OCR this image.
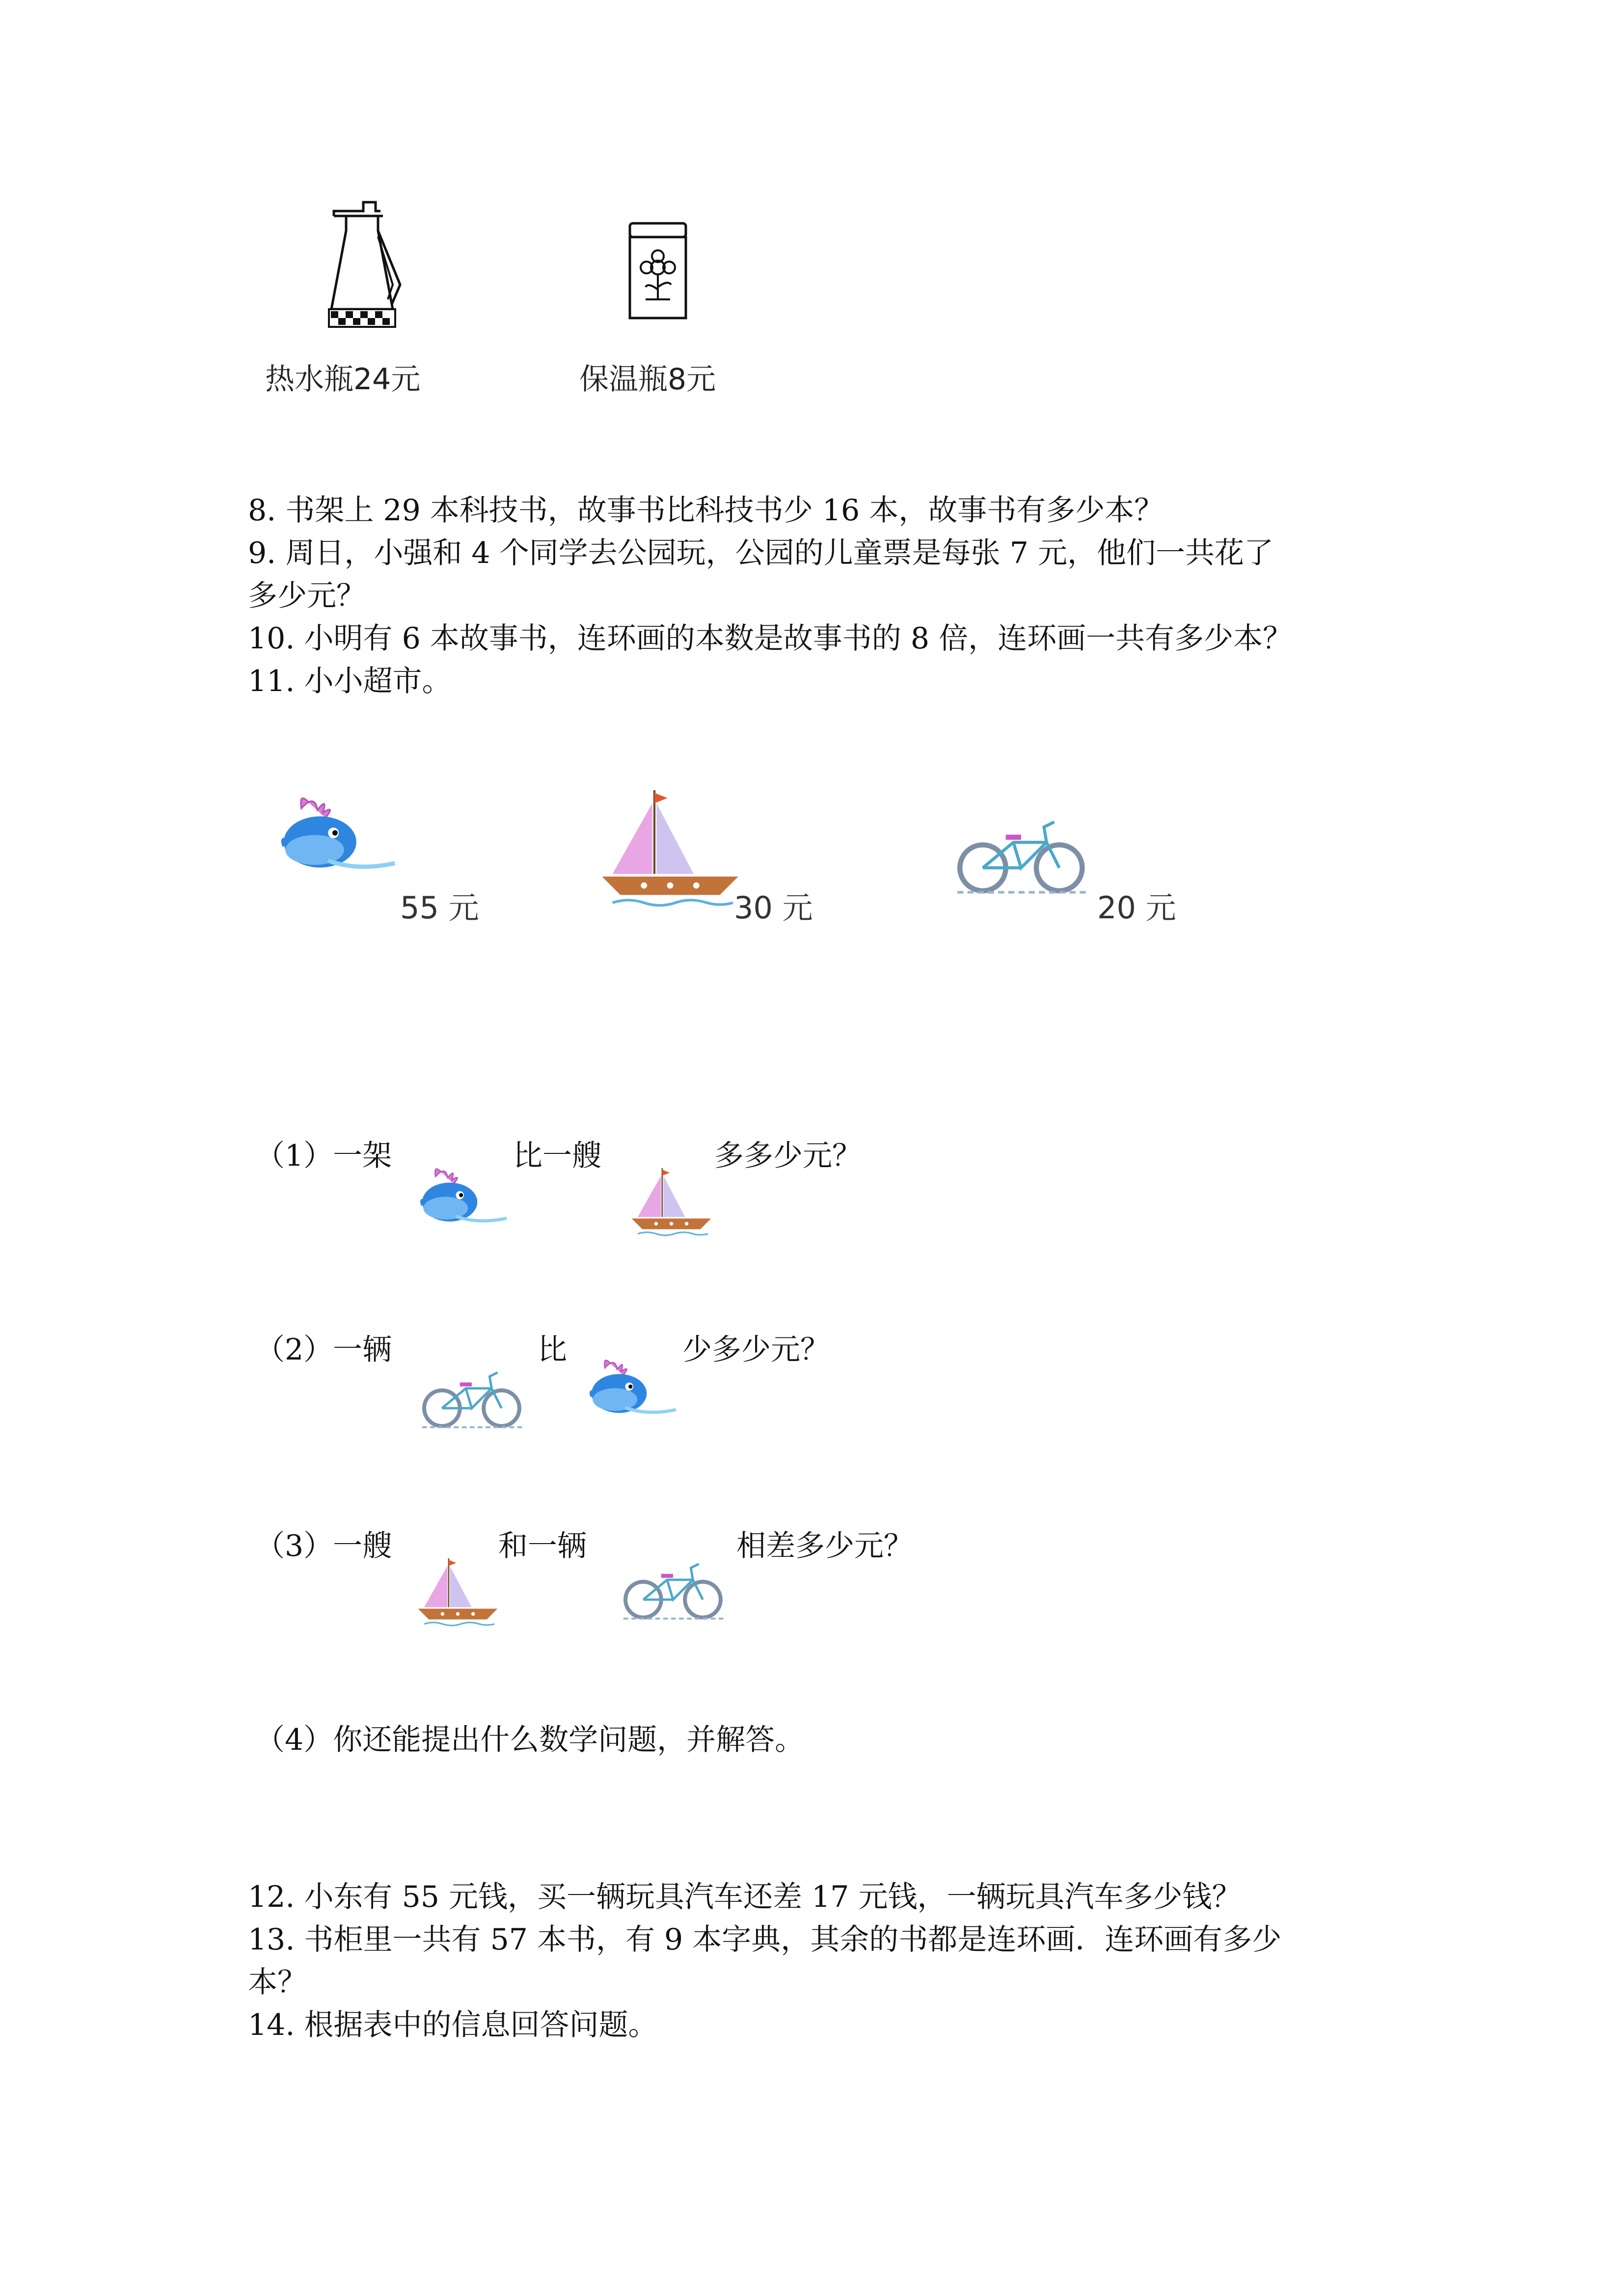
热水瓶24元	保温瓶8元
8. 书架上 29 本科技书，故事书比科技书少 16 本，故事书有多少本？
9. 周日，小强和 4 个同学去公园玩，公园的儿童票是每张 7 元，他们一共花了
多少元？
10. 小明有 6 本故事书，连环画的本数是故事书的 8 倍，连环画一共有多少本？
11. 小小超市。
55 元	30 元	20 元
（1）一架	比一艘	多多少元？
（2）一辆	比	少多少元？
（3）一艘	和一辆	相差多少元？
（4）你还能提出什么数学问题，并解答。
12. 小东有 55 元钱，买一辆玩具汽车还差 17 元钱，一辆玩具汽车多少钱？
13. 书柜里一共有 57 本书，有 9 本字典，其余的书都是连环画．连环画有多少
本？
14. 根据表中的信息回答问题。
